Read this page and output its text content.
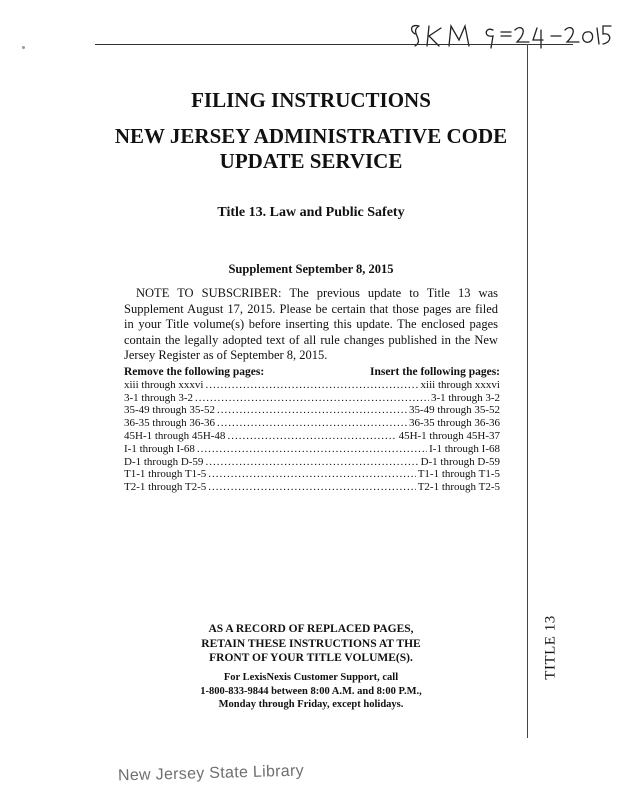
FILING INSTRUCTIONS
NEW JERSEY ADMINISTRATIVE CODE
UPDATE SERVICE
Title 13. Law and Public Safety
Supplement September 8, 2015

NOTE TO SUBSCRIBER: The previous update to Title 13 was Supplement August 17, 2015. Please be certain that those pages are filed in your Title volume(s) before inserting this update. The enclosed pages contain the legally adopted text of all rule changes published in the New Jersey Register as of September 8, 2015.

Remove the following pages:	Insert the following pages:
xiii through xxxvi .....	xiii through xxxvi
3-1 through 3-2 .....	3-1 through 3-2
35-49 through 35-52 .....	35-49 through 35-52
36-35 through 36-36 .....	36-35 through 36-36
45H-1 through 45H-48 .....	45H-1 through 45H-37
I-1 through I-68 .....	I-1 through I-68
D-1 through D-59 .....	D-1 through D-59
T1-1 through T1-5 .....	T1-1 through T1-5
T2-1 through T2-5 .....	T2-1 through T2-5

AS A RECORD OF REPLACED PAGES,
RETAIN THESE INSTRUCTIONS AT THE
FRONT OF YOUR TITLE VOLUME(S).

For LexisNexis Customer Support, call
1-800-833-9844 between 8:00 A.M. and 8:00 P.M.,
Monday through Friday, except holidays.

TITLE 13
New Jersey State Library
